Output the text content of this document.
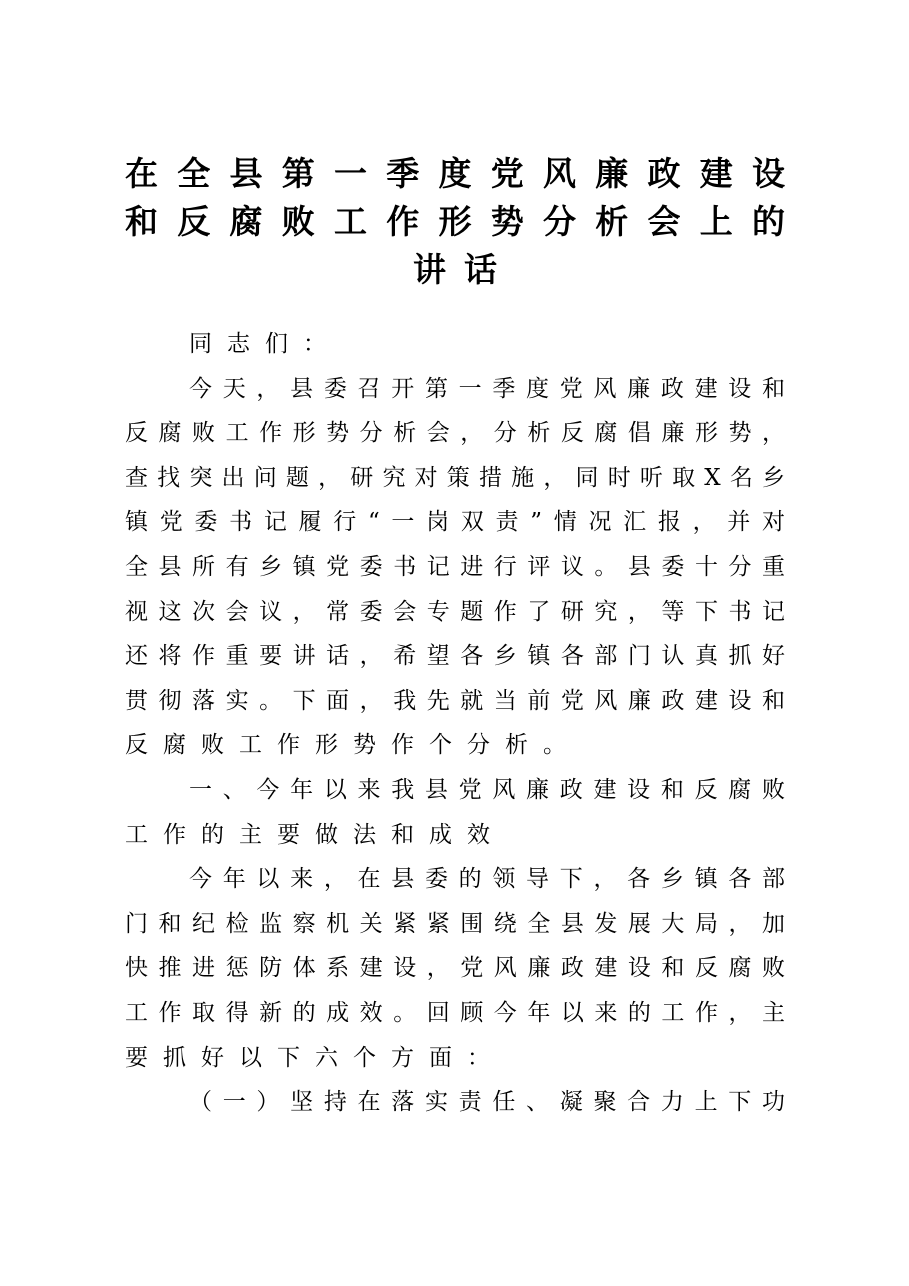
在全县第一季度党风廉政建设
和反腐败工作形势分析会上的
讲话
同志们：
今天，县委召开第一季度党风廉政建设和
反腐败工作形势分析会，分析反腐倡廉形势，
查找突出问题，研究对策措施，同时听取X名乡
镇党委书记履行“一岗双责”情况汇报，并对
全县所有乡镇党委书记进行评议。县委十分重
视这次会议，常委会专题作了研究，等下书记
还将作重要讲话，希望各乡镇各部门认真抓好
贯彻落实。下面，我先就当前党风廉政建设和
反腐败工作形势作个分析。
一、今年以来我县党风廉政建设和反腐败
工作的主要做法和成效
今年以来，在县委的领导下，各乡镇各部
门和纪检监察机关紧紧围绕全县发展大局，加
快推进惩防体系建设，党风廉政建设和反腐败
工作取得新的成效。回顾今年以来的工作，主
要抓好以下六个方面：
（一）坚持在落实责任、凝聚合力上下功
